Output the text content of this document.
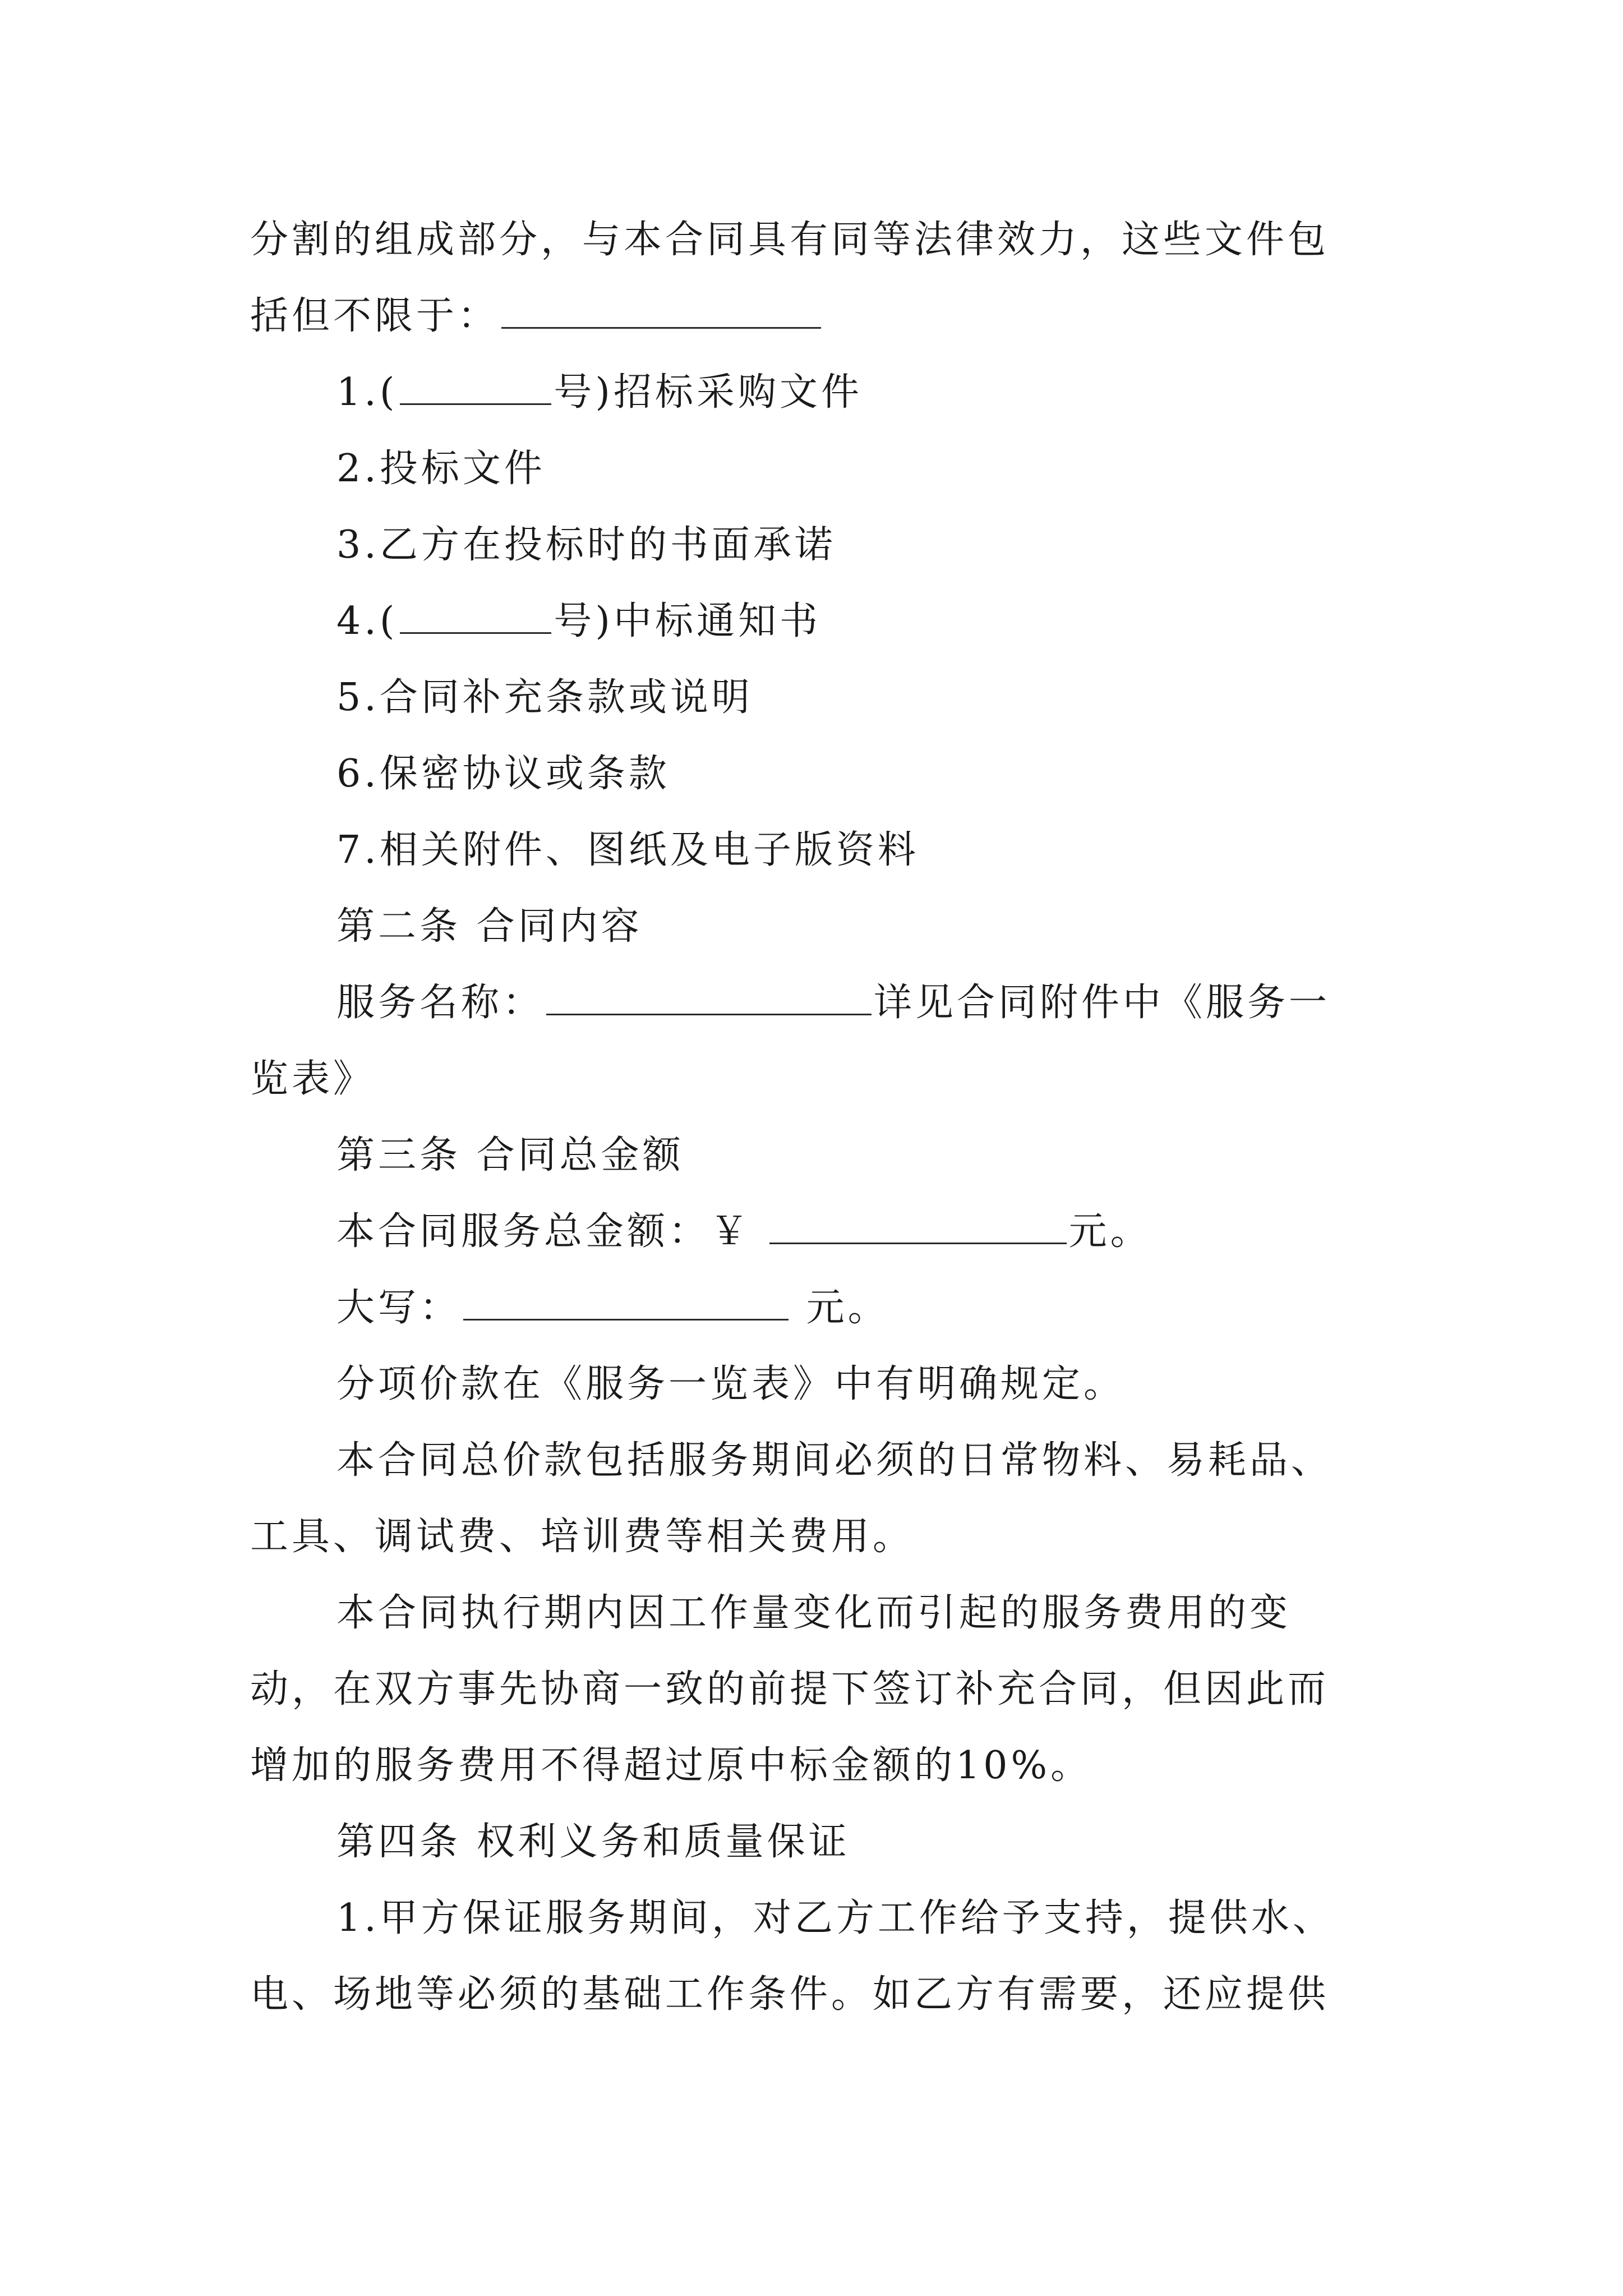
分割的组成部分，与本合同具有同等法律效力，这些文件包
括但不限于：
1.(	号)招标采购文件
2.投标文件
3.乙方在投标时的书面承诺
4.(	号)中标通知书
5.合同补充条款或说明
6.保密协议或条款
7.相关附件、图纸及电子版资料
第二条 合同内容
服务名称：	详见合同附件中《服务一
览表》
第三条 合同总金额
本合同服务总金额：￥	元。
大写：	元。
分项价款在《服务一览表》中有明确规定。
本合同总价款包括服务期间必须的日常物料、易耗品、
工具、调试费、培训费等相关费用。
本合同执行期内因工作量变化而引起的服务费用的变
动，在双方事先协商一致的前提下签订补充合同，但因此而
增加的服务费用不得超过原中标金额的10%。
第四条 权利义务和质量保证
1.甲方保证服务期间，对乙方工作给予支持，提供水、
电、场地等必须的基础工作条件。如乙方有需要，还应提供
